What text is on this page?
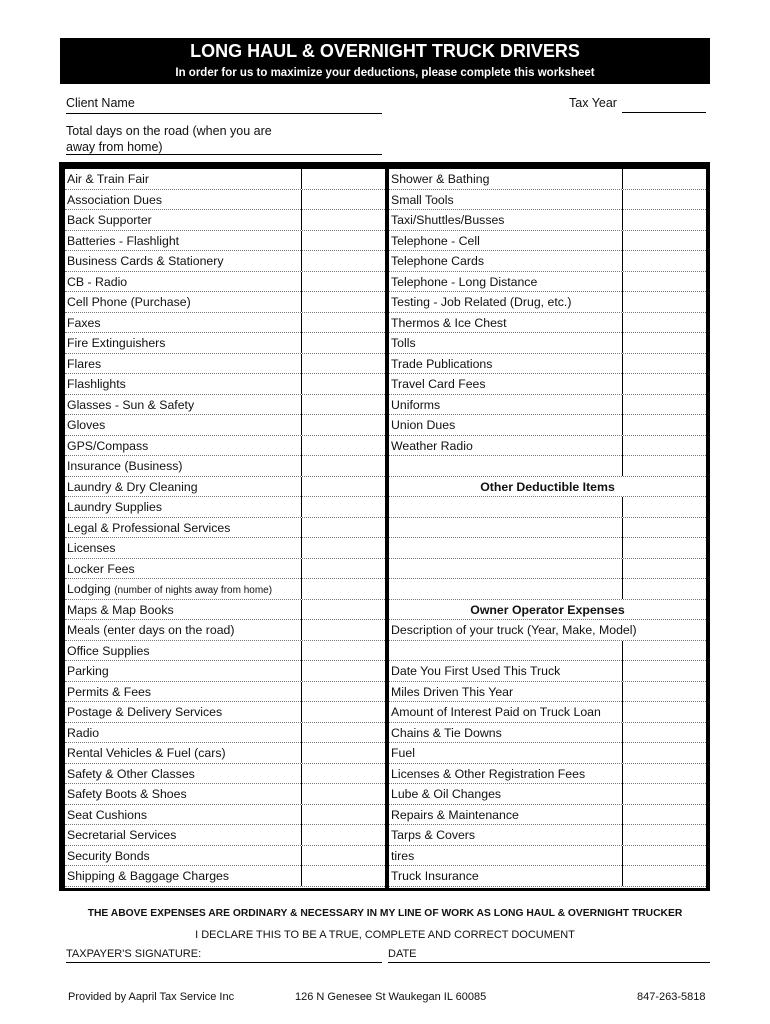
LONG HAUL & OVERNIGHT TRUCK DRIVERS
In order for us to maximize your deductions, please complete this worksheet
Client Name	Tax Year
Total days on the road (when you are
away from home)
Air & Train Fair
Association Dues
Back Supporter
Batteries - Flashlight
Business Cards & Stationery
CB - Radio
Cell Phone (Purchase)
Faxes
Fire Extinguishers
Flares
Flashlights
Glasses - Sun & Safety
Gloves
GPS/Compass
Insurance (Business)
Laundry & Dry Cleaning
Laundry Supplies
Legal & Professional Services
Licenses
Locker Fees
Lodging (number of nights away from home)
Maps & Map Books
Meals (enter days on the road)
Office Supplies
Parking
Permits & Fees
Postage & Delivery Services
Radio
Rental Vehicles & Fuel (cars)
Safety & Other Classes
Safety Boots & Shoes
Seat Cushions
Secretarial Services
Security Bonds
Shipping & Baggage Charges
Shower & Bathing
Small Tools
Taxi/Shuttles/Busses
Telephone - Cell
Telephone Cards
Telephone - Long Distance
Testing - Job Related (Drug, etc.)
Thermos & Ice Chest
Tolls
Trade Publications
Travel Card Fees
Uniforms
Union Dues
Weather Radio
Other Deductible Items
Owner Operator Expenses
Description of your truck (Year, Make, Model)
Date You First Used This Truck
Miles Driven This Year
Amount of Interest Paid on Truck Loan
Chains & Tie Downs
Fuel
Licenses & Other Registration Fees
Lube & Oil Changes
Repairs & Maintenance
Tarps & Covers
tires
Truck Insurance
THE ABOVE EXPENSES ARE ORDINARY & NECESSARY IN MY LINE OF WORK AS LONG HAUL & OVERNIGHT TRUCKER
I DECLARE THIS TO BE A TRUE, COMPLETE AND CORRECT DOCUMENT
TAXPAYER'S SIGNATURE:	DATE
Provided by Aapril Tax Service Inc	126 N Genesee St Waukegan IL 60085	847-263-5818
